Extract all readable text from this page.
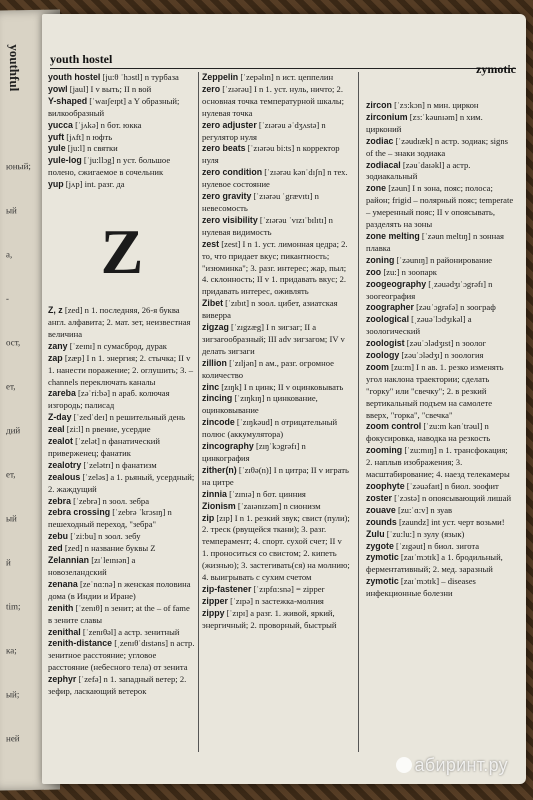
youthful
юный;
ый
а,
-
ост,
ет,
дий
ет,
ый
й
tim;
ка;
ый;
ней
youth hostel
zymotic

youth hostel [ju:θ ˈhɔstl] n турбаза

yowl [jaul] I v выть; II n вой

Y-shaped [ˈwaɪʃeɪpt] a Y образный; вилкообразный

yucca [ˈjʌkə] n бот. юкка

yuft [jʌft] n юфть

yule [ju:l] n святки

yule-log [ˈju:llɔg] n уст. большое полено, сжигаемое в сочельник

yup [jʌp] int. разг. да

Z

Z, z [zed] n 1. последняя, 26-я буква англ. алфавита; 2. мат. зет, неизвестная величина

zany [ˈzeɪnɪ] n сумасброд, дурак

zap [zæp] I n 1. энергия; 2. стычка; II v 1. нанести поражение; 2. оглушить; 3. – channels переключать каналы

zareba [zəˈri:bə] n араб. колючая изгородь; палисад

Z-day [ˈzedˈdeɪ] n решительный день

zeal [zi:l] n рвение, усердие

zealot [ˈzelət] n фанатический приверженец; фанатик

zealotry [ˈzelətrɪ] n фанатизм

zealous [ˈzeləs] a 1. рьяный, усердный; 2. жаждущий

zebra [ˈzebrə] n зоол. зебра

zebra crossing [ˈzebrə ˈkrɔsɪŋ] n пешеходный переход, "зебра"

zebu [ˈzi:bu] n зоол. зебу

zed [zed] n название буквы Z

Zelannian [zɪˈleɪnɪən] a новозеландский

zenana [zeˈnɑ:nə] n женская половина дома (в Индии и Иране)

zenith [ˈzenɪθ] n зенит; at the – of fame в зените славы

zenithal [ˈzenɪθəl] a астр. зенитный

zenith-distance [ˌzenɪθˈdɪstəns] n астр. зенитное расстояние; угловое расстояние (небесного тела) от зенита

zephyr [ˈzefə] n 1. западный ветер; 2. зефир, ласкающий ветерок

Zeppelin [ˈzepəlɪn] n ист. цеппелин

zero [ˈzɪərəu] I n 1. уст. нуль, ничто; 2. основная точка температурной шкалы; нулевая точка

zero adjuster [ˈzɪərəu əˈdʒʌstə] n регулятор нуля

zero beats [ˈzɪərəu bi:ts] n корректор нуля

zero condition [ˈzɪərəu kənˈdɪʃn] n тех. нулевое состояние

zero gravity [ˈzɪərəu ˈgrævɪtɪ] n невесомость

zero visibility [ˈzɪərəu ˈvɪzɪˈbɪlɪtɪ] n нулевая видимость

zest [zest] I n 1. уст. лимонная цедра; 2. то, что придает вкус; пикантность; "изюминка"; 3. разг. интерес; жар, пыл; 4. склонность; II v 1. придавать вкус; 2. придавать интерес, оживлять

Zibet [ˈzɪbɪt] n зоол. цибет, азиатская виверра

zigzag [ˈzɪgzæg] I n зигзаг; II a зигзагообразный; III adv зигзагом; IV v делать зигзаги

zillion [ˈzɪljən] n ам., разг. огромное количество

zinc [zɪŋk] I n цинк; II v оцинковывать

zincing [ˈzɪŋkɪŋ] n цинкование, оцинковывание

zincode [ˈzɪŋkəud] n отрицательный полюс (аккумулятора)

zincography [zɪŋˈkɔgrəfɪ] n цинкография

zither(n) [ˈzɪθə(n)] I n цитра; II v играть на цитре

zinnia [ˈzɪnɪə] n бот. цинния

Zionism [ˈzaɪənɪzəm] n сионизм

zip [zɪp] I n 1. резкий звук; свист (пули); 2. треск (рвущейся ткани); 3. разг. темперамент; 4. спорт. сухой счет; II v 1. проноситься со свистом; 2. кипеть (жизнью); 3. застегивать(ся) на молнию; 4. выигрывать с сухим счетом

zip-fastener [ˈzɪpfɑ:snə] = zipper

zipper [ˈzɪpə] n застежка-молния

zippy [ˈzɪpɪ] a разг. 1. живой, яркий, энергичный; 2. проворный, быстрый

zircon [ˈzɜ:kɔn] n мин. циркон

zirconium [zɜ:ˈkəunɪəm] n хим. цирконий

zodiac [ˈzəudɪæk] n астр. зодиак; signs of the – знаки зодиака

zodiacal [zəuˈdaɪəkl] a астр. зодиакальный

zone [zəun] I n зона, пояс; полоса; район; frigid – полярный пояс; temperate – умеренный пояс; II v опоясывать, разделять на зоны

zone melting [ˈzəun meltɪŋ] n зонная плавка

zoning [ˈzəunɪŋ] n районирование

zoo [zu:] n зоопарк

zoogeography [ˌzəuədʒɪˈɔgrəfɪ] n зоогеография

zoographer [zəuˈɔgrəfə] n зоограф

zoological [ˌzəuəˈlɔdʒɪkəl] a зоологический

zoologist [zəuˈɔlədʒɪst] n зоолог

zoology [zəuˈɔlədʒɪ] n зоология

zoom [zu:m] I n ав. 1. резко изменять угол наклона траектории; сделать "горку" или "свечку"; 2. в резкий вертикальный подъем на самолете вверх, "горка", "свечка"

zoom control [ˈzu:m kənˈtrəul] n фокусировка, наводка на резкость

zooming [ˈzu:mɪŋ] n 1. трансфокация; 2. наплыв изображения; 3. масштабирование; 4. наезд телекамеры

zoophyte [ˈzəuəfaɪt] n биол. зоофит

zoster [ˈzɔstə] n опоясывающий лишай

zouave [zu:ˈɑ:v] n зуав

zounds [zaundz] int уст. черт возьми!

Zulu [ˈzu:lu:] n зулу (язык)

zygote [ˈzɪgəut] n биол. зигота

zymotic [zaɪˈmɔtɪk] a 1. бродильный, ферментативный; 2. мед. заразный

zymotic [zaɪˈmɔtɪk] – diseases инфекционные болезни

абиринт.ру
